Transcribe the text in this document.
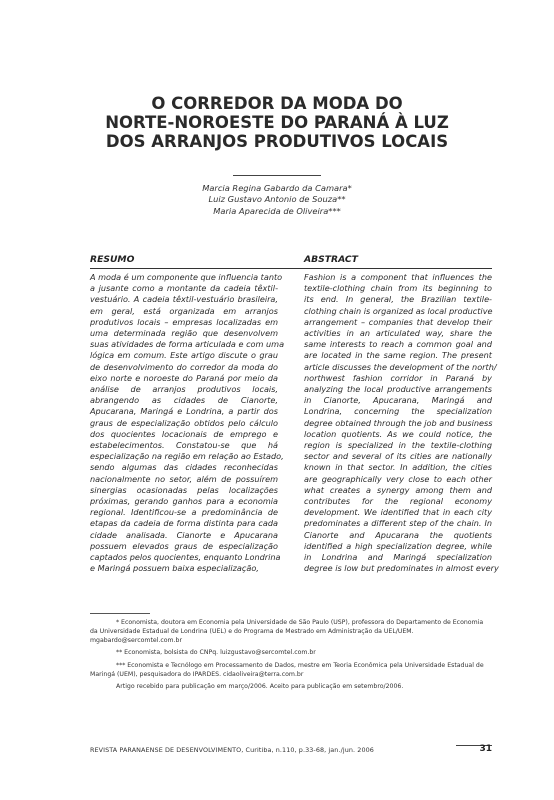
O CORREDOR DA MODA DO
NORTE-NOROESTE DO PARANÁ À LUZ
DOS ARRANJOS PRODUTIVOS LOCAIS
Marcia Regina Gabardo da Camara*
Luiz Gustavo Antonio de Souza**
Maria Aparecida de Oliveira***
RESUMO	ABSTRACT
A moda é um componente que influencia tanto
a jusante como a montante da cadeia têxtil-
vestuário. A cadeia têxtil-vestuário brasileira,
em geral, está organizada em arranjos
produtivos locais – empresas localizadas em
uma determinada região que desenvolvem
suas atividades de forma articulada e com uma
lógica em comum. Este artigo discute o grau
de desenvolvimento do corredor da moda do
eixo norte e noroeste do Paraná por meio da
análise de arranjos produtivos locais,
abrangendo as cidades de Cianorte,
Apucarana, Maringá e Londrina, a partir dos
graus de especialização obtidos pelo cálculo
dos quocientes locacionais de emprego e
estabelecimentos. Constatou-se que há
especialização na região em relação ao Estado,
sendo algumas das cidades reconhecidas
nacionalmente no setor, além de possuírem
sinergias ocasionadas pelas localizações
próximas, gerando ganhos para a economia
regional. Identificou-se a predominância de
etapas da cadeia de forma distinta para cada
cidade analisada. Cianorte e Apucarana
possuem elevados graus de especialização
captados pelos quocientes, enquanto Londrina
e Maringá possuem baixa especialização,
Fashion is a component that influences the
textile-clothing chain from its beginning to
its end. In general, the Brazilian textile-
clothing chain is organized as local productive
arrangement – companies that develop their
activities in an articulated way, share the
same interests to reach a common goal and
are located in the same region. The present
article discusses the development of the north/
northwest fashion corridor in Paraná by
analyzing the local productive arrangements
in Cianorte, Apucarana, Maringá and
Londrina, concerning the specialization
degree obtained through the job and business
location quotients. As we could notice, the
region is specialized in the textile-clothing
sector and several of its cities are nationally
known in that sector. In addition, the cities
are geographically very close to each other
what creates a synergy among them and
contributes for the regional economy
development. We identified that in each city
predominates a different step of the chain. In
Cianorte and Apucarana the quotients
identified a high specialization degree, while
in Londrina and Maringá specialization
degree is low but predominates in almost every

* Economista, doutora em Economia pela Universidade de São Paulo (USP), professora do Departamento de Economia da Universidade Estadual de Londrina (UEL) e do Programa de Mestrado em Administração da UEL/UEM. mgabardo@sercomtel.com.br

** Economista, bolsista do CNPq. luizgustavo@sercomtel.com.br

*** Economista e Tecnólogo em Processamento de Dados, mestre em Teoria Econômica pela Universidade Estadual de Maringá (UEM), pesquisadora do IPARDES. cidaoliveira@terra.com.br

Artigo recebido para publicação em março/2006. Aceito para publicação em setembro/2006.

REVISTA PARANAENSE DE DESENVOLVIMENTO, Curitiba, n.110, p.33-68, jan./jun. 2006	31
